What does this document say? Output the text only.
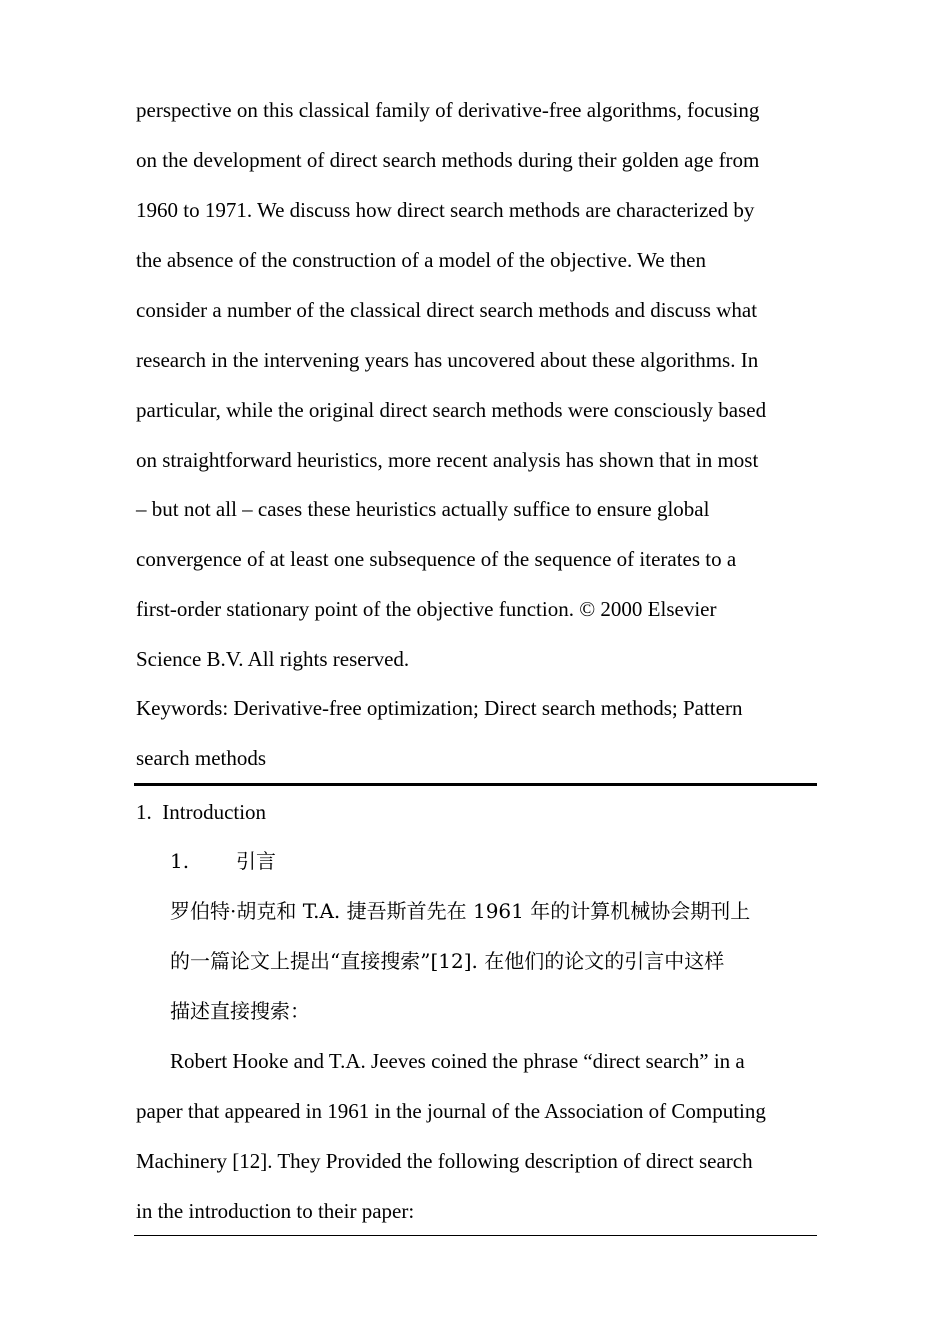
perspective on this classical family of derivative-free algorithms, focusing
on the development of direct search methods during their golden age from
1960 to 1971. We discuss how direct search methods are characterized by
the absence of the construction of a model of the objective. We then
consider a number of the classical direct search methods and discuss what
research in the intervening years has uncovered about these algorithms. In
particular, while the original direct search methods were consciously based
on straightforward heuristics, more recent analysis has shown that in most
– but not all – cases these heuristics actually suffice to ensure global
convergence of at least one subsequence of the sequence of iterates to a
first-order stationary point of the objective function. © 2000 Elsevier
Science B.V. All rights reserved.
Keywords: Derivative-free optimization; Direct search methods; Pattern
search methods
1.  Introduction
1. 引言
罗伯特·胡克和 T.A. 捷吾斯首先在 1961 年的计算机械协会期刊上
的一篇论文上提出“直接搜索”[12]. 在他们的论文的引言中这样
描述直接搜索：
Robert Hooke and T.A. Jeeves coined the phrase “direct search” in a
paper that appeared in 1961 in the journal of the Association of Computing
Machinery [12]. They Provided the following description of direct search
in the introduction to their paper:
